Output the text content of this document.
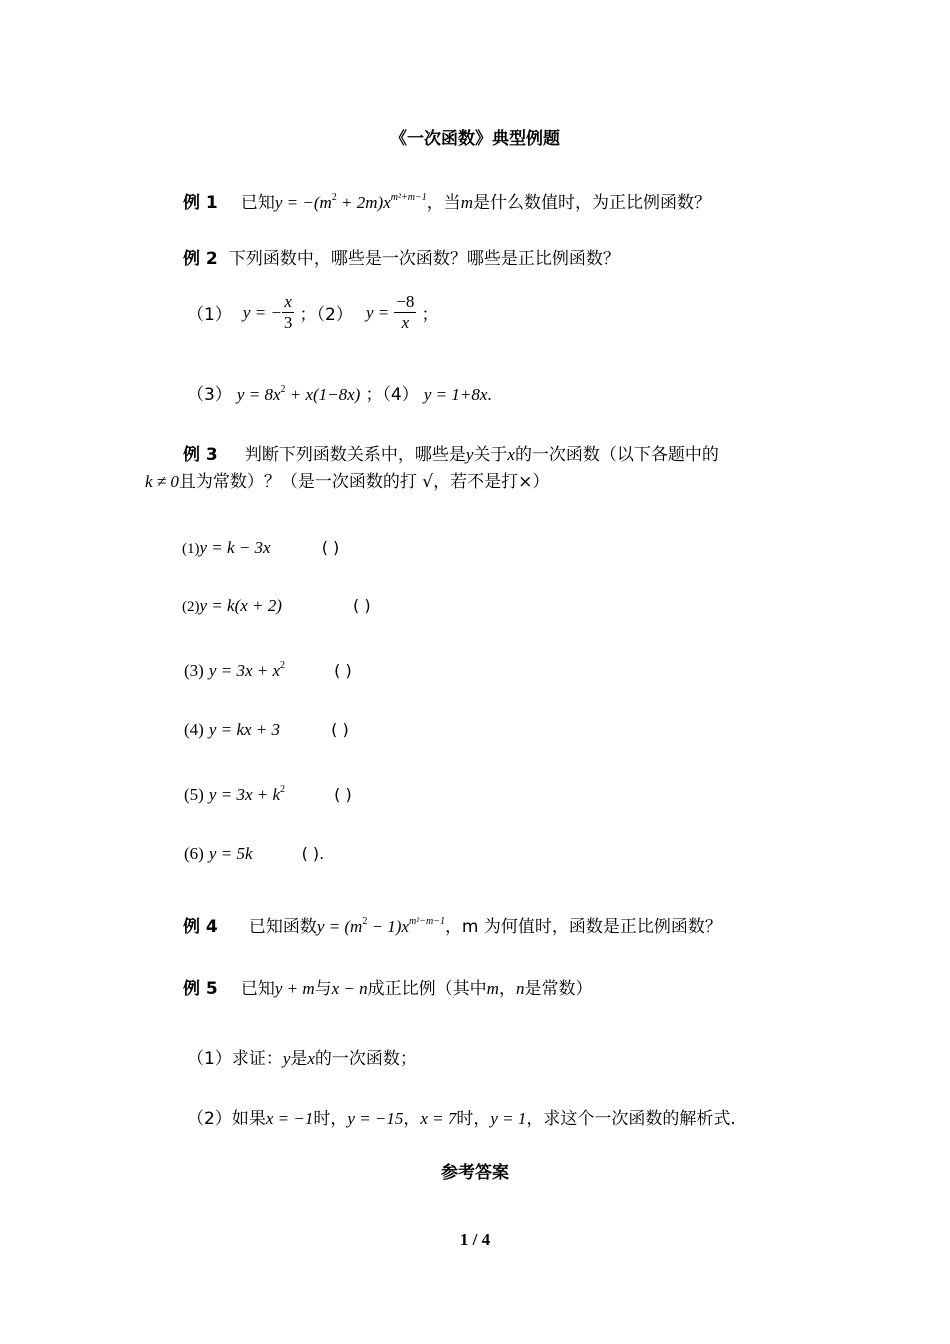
《一次函数》典型例题
例 1 已知$y = -(m^2 + 2m)x^{m^2+m-1}$，当m是什么数值时，为正比例函数？
例 2 下列函数中，哪些是一次函数？哪些是正比例函数？
（1） y = − $\frac{x}{3}$ ；（2） $y = \frac{-8}{x}$ ；
（3） $y = 8x^2 + x(1-8x)$ ；（4） y = 1+8x.
例 3 判断下列函数关系中，哪些是y关于x的一次函数（以下各题中的
k ≠ 0且为常数）？（是一次函数的打 √，若不是打×）
(1)y = k − 3x	( )
(2)y = k(x + 2)	( )
(3) $y = 3x + x^2$	( )
(4) y = kx + 3	( )
(5) $y = 3x + k^2$	( )
(6) y = 5k	( ).
例 4 已知函数$y = (m^2 - 1)x^{m^2-m-1}$，m 为何值时，函数是正比例函数？
例 5 已知y + m与x − n成正比例（其中m，n是常数）
（1）求证：y是x的一次函数；
（2）如果x = −1时，y = −15，x = 7时，y = 1，求这个一次函数的解析式.
参考答案
1 / 4
